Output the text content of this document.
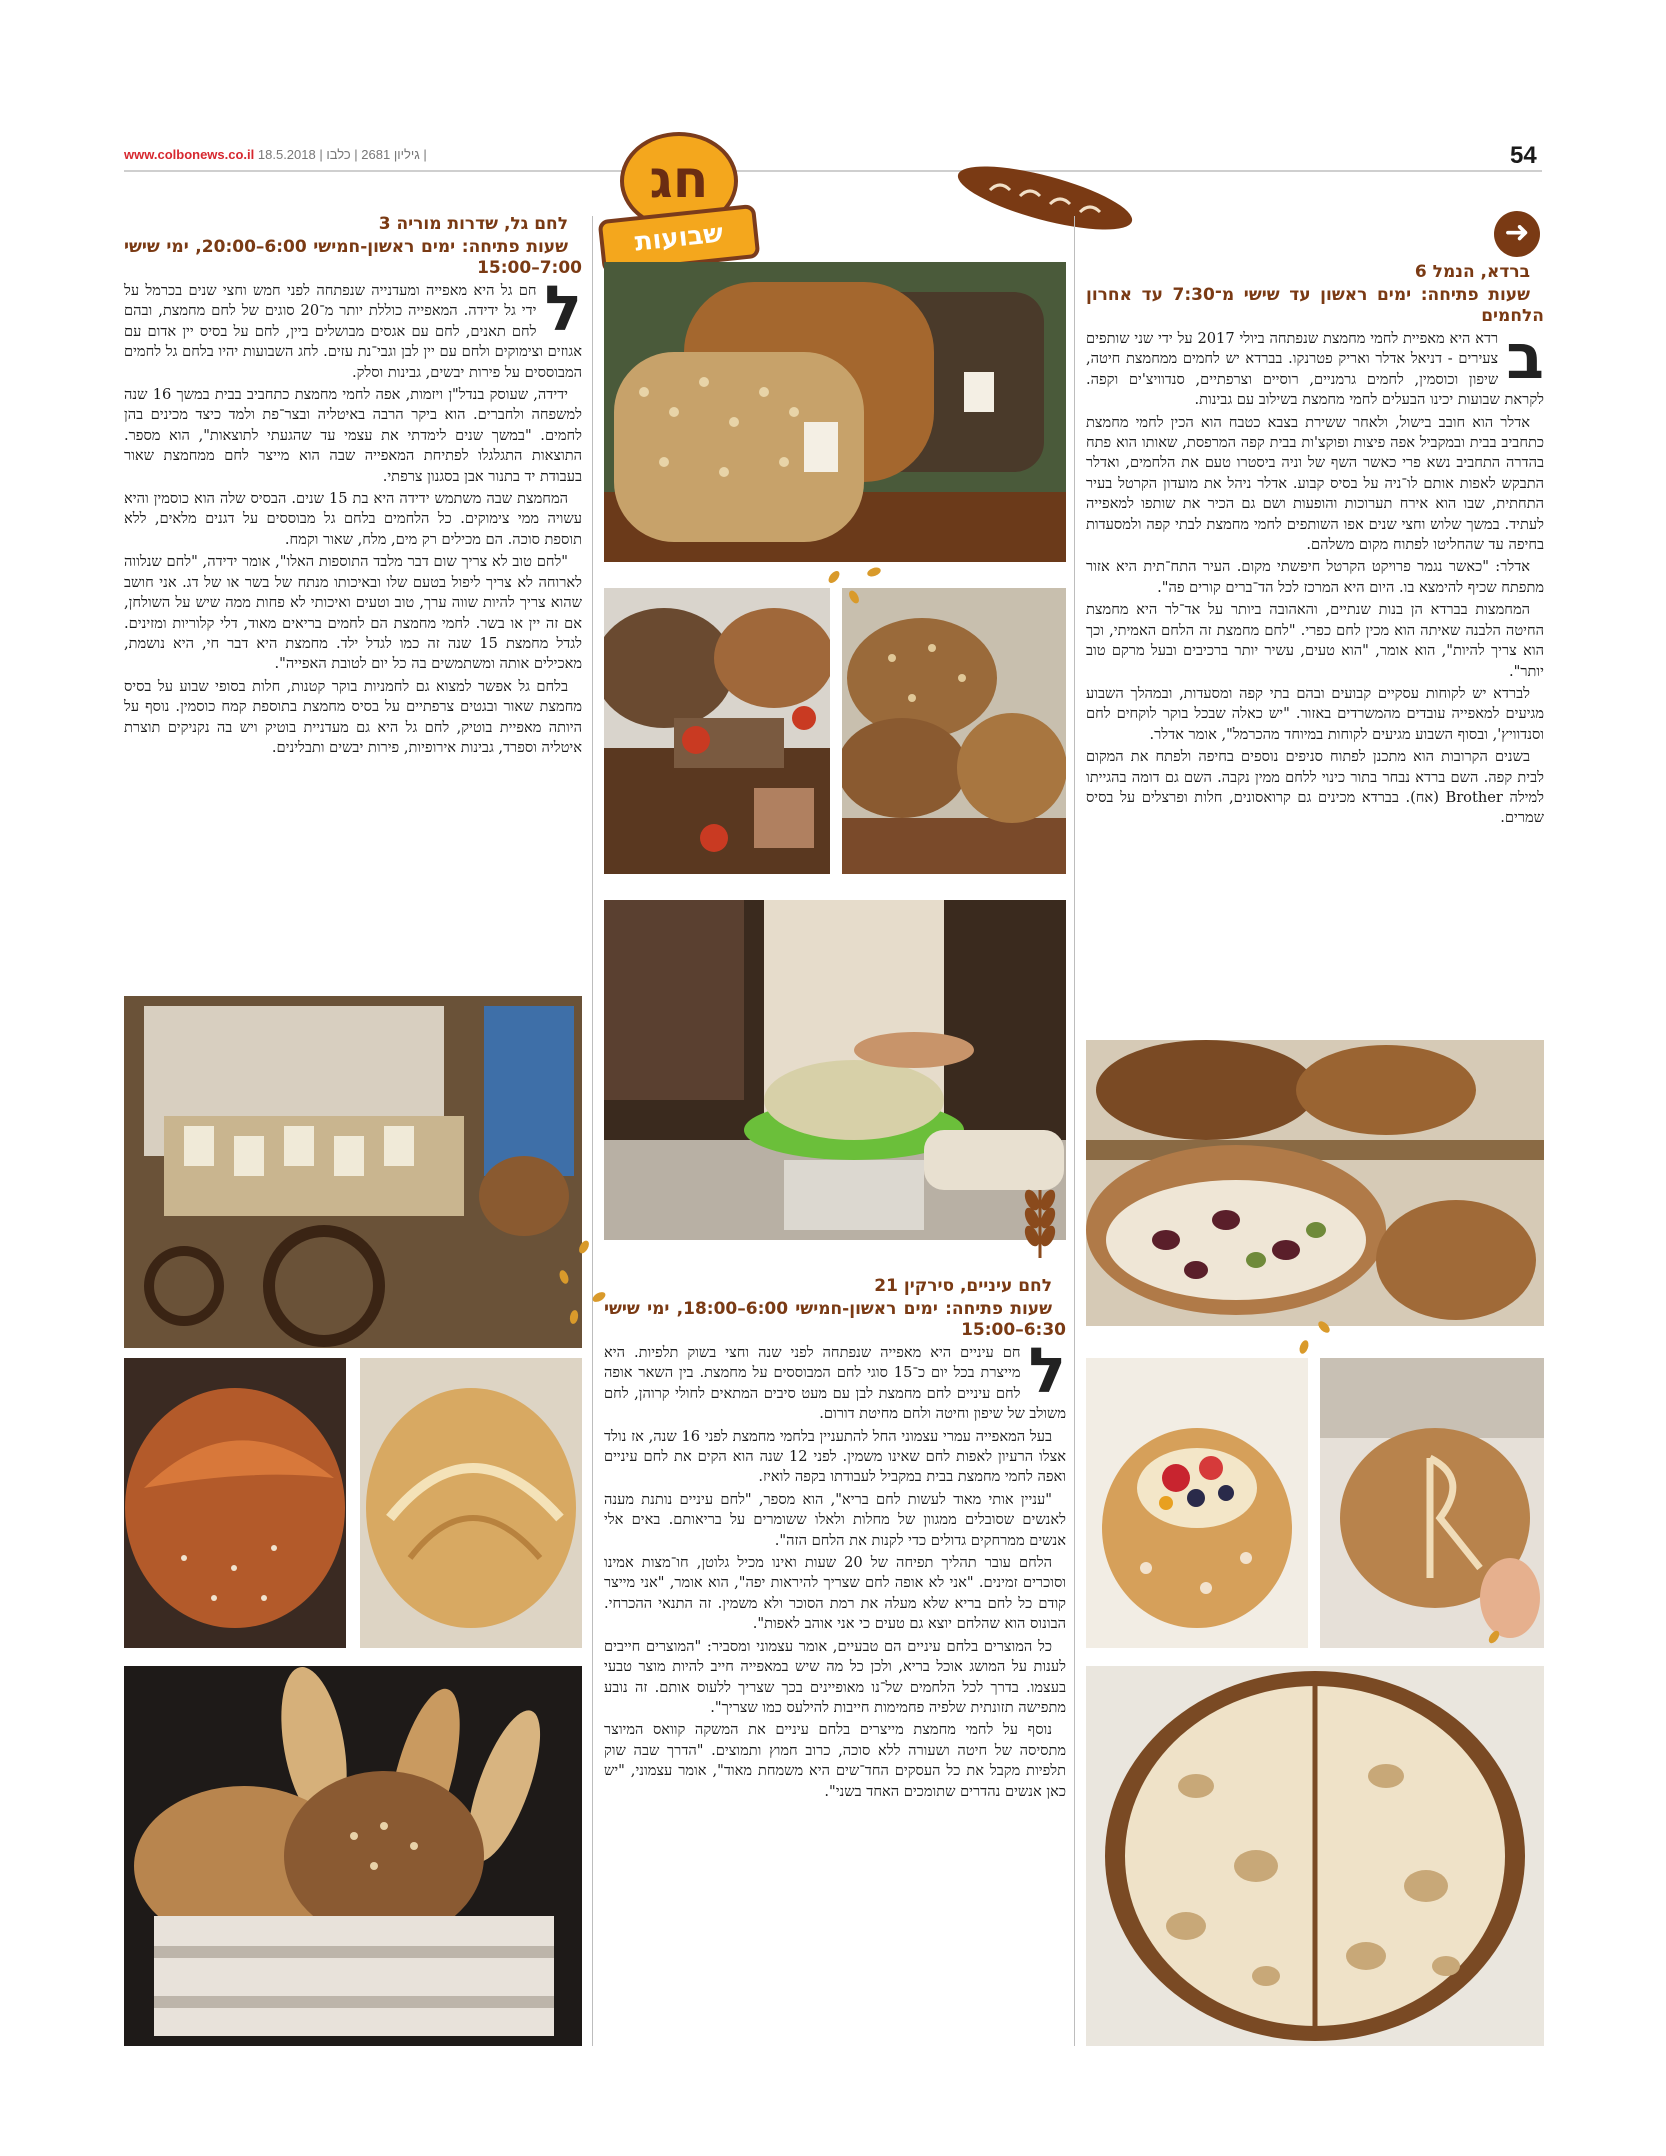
54
www.colbonews.co.il 18.5.2018 | גיליון 2681 | כלבו |	חג
שבועות	➜

לחם גל, שדרות מוריה 3

שעות פתיחה: ימים ראשון-חמישי 6:00–20:00, ימי שישי 7:00–15:00

ל

חם גל היא מאפייה ומעדנייה שנפתחה לפני חמש וחצי שנים בכרמל על ידי גל ידידה. המאפייה כוללת יותר מ־20 סוגים של לחם מחמצת, ובהם לחם תאנים, לחם עם אגסים מבושלים ביין, לחם על בסיס יין אדום עם אגוזים וצימוקים ולחם עם יין לבן וגבי־נת עזים. לחג השבועות יהיו בלחם גל לחמים המבוססים על פירות יבשים, גבינות וסלק.

ידידה, שעוסק בנדל"ן ויזמות, אפה לחמי מחמצת כתחביב בבית במשך 16 שנה למשפחה ולחברים. הוא ביקר הרבה באיטליה ובצר־פת ולמד כיצד מכינים בהן לחמים. "במשך שנים לימדתי את עצמי עד שהגעתי לתוצאות", הוא מספר. התוצאות התגלגלו לפתיחת המאפייה שבה הוא מייצר לחם ממחמצת שאור בעבודת יד בתנור אבן בסגנון צרפתי.

המחמצת שבה משתמש ידידה היא בת 15 שנים. הבסיס שלה הוא כוסמין והיא עשויה ממי צימוקים. כל הלחמים בלחם גל מבוססים על דגנים מלאים, ללא תוספת סוכה. הם מכילים רק מים, מלח, שאור וקמח.

"לחם טוב לא צריך שום דבר מלבד התוספות האלו", אומר ידידה, "לחם שנלווה לארוחה לא צריך ליפול בטעם שלו ובאיכותו מנתח של בשר או של דג. אני חושב שהוא צריך להיות שווה ערך, טוב וטעים ואיכותי לא פחות ממה שיש על השולחן, אם זה יין או בשר. לחמי מחמצת הם לחמים בריאים מאוד, דלי קלוריות ומזינים. לגדל מחמצת 15 שנה זה כמו לגדל ילד. מחמצת היא דבר חי, היא נושמת, מאכילים אותה ומשתמשים בה כל יום לטובת האפייה".

בלחם גל אפשר למצוא גם לחמניות בוקר קטנות, חלות בסופי שבוע על בסיס מחמצת שאור ובגטים צרפתיים על בסיס מחמצת בתוספת קמח כוסמין. נוסף על היותה מאפיית בוטיק, לחם גל היא גם מעדניית בוטיק ויש בה נקניקים תוצרת איטליה וספרד, גבינות אירופיות, פירות יבשים ותבלינים.

לחם עיניים, סירקין 21

שעות פתיחה: ימים ראשון-חמישי 6:00–18:00, ימי שישי 6:30–15:00

ל

חם עיניים היא מאפייה שנפתחה לפני שנה וחצי בשוק תלפיות. היא מייצרת בכל יום כ־15 סוגי לחם המבוססים על מחמצת. בין השאר אופה לחם עיניים לחם מחמצת לבן עם מעט סיבים המתאים לחולי קרוהן, לחם משולב של שיפון וחיטה ולחם מחיטת דורום.

בעל המאפייה עמרי עצמוני החל להתעניין בלחמי מחמצת לפני 16 שנה, אז נולד אצלו הרעיון לאפות לחם שאינו משמין. לפני 12 שנה הוא הקים את לחם עיניים ואפה לחמי מחמצת בבית במקביל לעבודתו בקפה לואיז.

"עניין אותי מאוד לעשות לחם בריא", הוא מספר, "לחם עיניים נותנת מענה לאנשים שסובלים ממגוון של מחלות ולאלו ששומרים על בריאותם. באים אלי אנשים ממרחקים גדולים כדי לקנות את הלחם הזה".

הלחם עובר תהליך תפיחה של 20 שעות ואינו מכיל גלוטן, חו־מצות אמינו וסוכרים זמינים. "אני לא אופה לחם שצריך להיראות יפה", הוא אומר, "אני מייצר קודם כל לחם בריא שלא מעלה את רמת הסוכר ולא משמין. זה התנאי ההכרחי. הבונוס הוא שהלחם יוצא גם טעים כי אני אוהב לאפות".

כל המוצרים בלחם עיניים הם טבעיים, אומר עצמוני ומסביר: "המוצרים חייבים לענות על המושג אוכל בריא, ולכן כל מה שיש במאפייה חייב להיות מוצר טבעי בעצמו. בדרך לכל הלחמים של־נו מאופיינים בכך שצריך ללעוס אותם. זה נובע מתפישה תזונתית שלפיה פחמימות חייבות להילעס כמו שצריך".

נוסף על לחמי מחמצת מייצרים בלחם עיניים את המשקה קוואס המיוצר מתסיסה של חיטה ושעורה ללא סוכה, כרוב חמוץ ותמוצים. "הדרך שבה שוק תלפיות מקבל את כל העסקים החד־שים היא משמחת מאוד", אומר עצמוני, "יש כאן אנשים נהדרים שתומכים האחד בשני".

ברדא, הנמל 6

שעות פתיחה: ימים ראשון עד שישי מ־7:30 עד אחרון הלחמים

ב

רדא היא מאפיית לחמי מחמצת שנפתחה ביולי 2017 על ידי שני שותפים צעירים - דניאל אדלר ואריק פטרנקו. בברדא יש לחמים ממחמצת חיטה, שיפון וכוסמין, לחמים גרמניים, רוסיים וצרפתיים, סנדוויצ'ים וקפה. לקראת שבועות יכינו הבעלים לחמי מחמצת בשילוב עם גבינות.

אדלר הוא חובב בישול, ולאחר ששירת בצבא כטבח הוא הכין לחמי מחמצת כתחביב בבית ובמקביל אפה פיצות ופוקצ'ות בבית קפה המרפסת, שאותו הוא פתח בהדרה התחביב נשא פרי כאשר השף של וניה ביסטרו טעם את הלחמים, ואדלר התבקש לאפות אותם לו־ניה על בסיס קבוע. אדלר ניהל את מועדון הקרטל בעיר התחתית, שבו הוא אירח תערוכות והופעות ושם גם הכיר את שותפו למאפייה לעתיד. במשך שלוש וחצי שנים אפו השותפים לחמי מחמצת לבתי קפה ולמסעדות בחיפה עד שהחליטו לפתוח מקום משלהם.

אדלר: "כאשר נגמר פרויקט הקרטל חיפשתי מקום. העיר התח־תית היא אזור מתפתח שכיף להימצא בו. היום היא המרכז לכל הד־ברים קורים פה".

המחמצות בברדא הן בנות שנתיים, והאהובה ביותר על אד־לר היא מחמצת החיטה הלבנה שאיתה הוא מכין לחם כפרי. "לחם מחמצת זה הלחם האמיתי, וכך הוא צריך להיות", הוא אומר, "הוא טעים, עשיר יותר ברכיבים ובעל מרקם טוב יותר".

לברדא יש לקוחות עסקיים קבועים ובהם בתי קפה ומסעדות, ובמהלך השבוע מגיעים למאפייה עובדים מהמשרדים באזור. "יש כאלה שבכל בוקר לוקחים לחם וסנדוויץ', ובסוף השבוע מגיעים לקוחות במיוחד מהכרמל", אומר אדלר.

בשנים הקרובות הוא מתכנן לפתוח סניפים נוספים בחיפה ולפתח את המקום לבית קפה. השם ברדא נבחר בתור כינוי ללחם ממין נקבה. השם גם דומה בהגייתו למילה Brother (אח). בברדא מכינים גם קרואסונים, חלות ופרצלים על בסיס שמרים.
